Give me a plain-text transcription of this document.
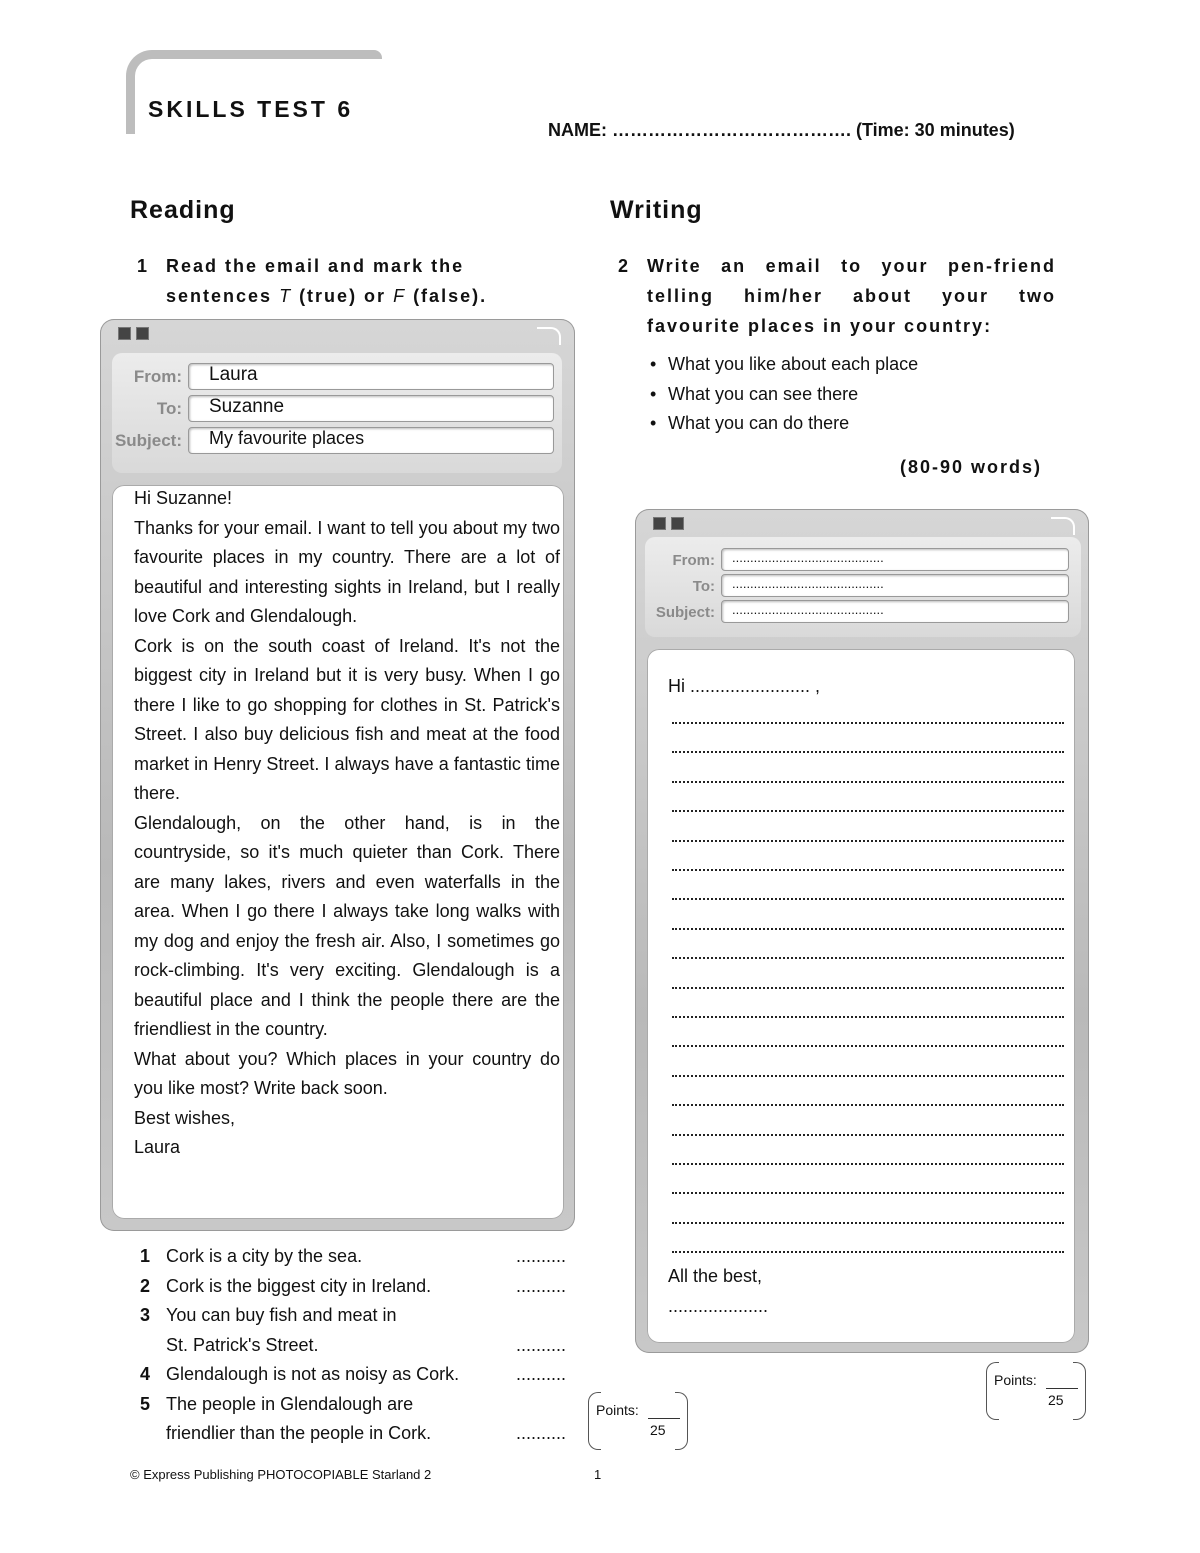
SKILLS TEST 6
NAME: …………………………………. (Time: 30 minutes)
Reading
1 Read the email and mark the
sentences T (true) or F (false).
From: Laura
To: Suzanne
Subject: My favourite places

Hi Suzanne!

Thanks for your email. I want to tell you about my two favourite places in my country. There are a lot of beautiful and interesting sights in Ireland, but I really love Cork and Glendalough.

Cork is on the south coast of Ireland. It's not the biggest city in Ireland but it is very busy. When I go there I like to go shopping for clothes in St. Patrick's Street. I also buy delicious fish and meat at the food market in Henry Street. I always have a fantastic time there.

Glendalough, on the other hand, is in the countryside, so it's much quieter than Cork. There are many lakes, rivers and even waterfalls in the area. When I go there I always take long walks with my dog and enjoy the fresh air. Also, I sometimes go rock-climbing. It's very exciting. Glendalough is a beautiful place and I think the people there are the friendliest in the country.

What about you? Which places in your country do you like most? Write back soon.

Best wishes,

Laura

1 Cork is a city by the sea.	..........
2 Cork is the biggest city in Ireland.	..........
3 You can buy fish and meat in
St. Patrick's Street.	..........
4 Glendalough is not as noisy as Cork.	..........
5 The people in Glendalough are
friendlier than the people in Cork.	..........
Points:
25
Writing
2 Write an email to your pen-friend
telling him/her about your two
favourite places in your country:
• What you like about each place
• What you can see there
• What you can do there
(80-90 words)
From: ..........................................
To: ..........................................
Subject: ..........................................
Hi ........................ ,
All the best,
....................
Points:
25
© Express Publishing PHOTOCOPIABLE Starland 2	1
